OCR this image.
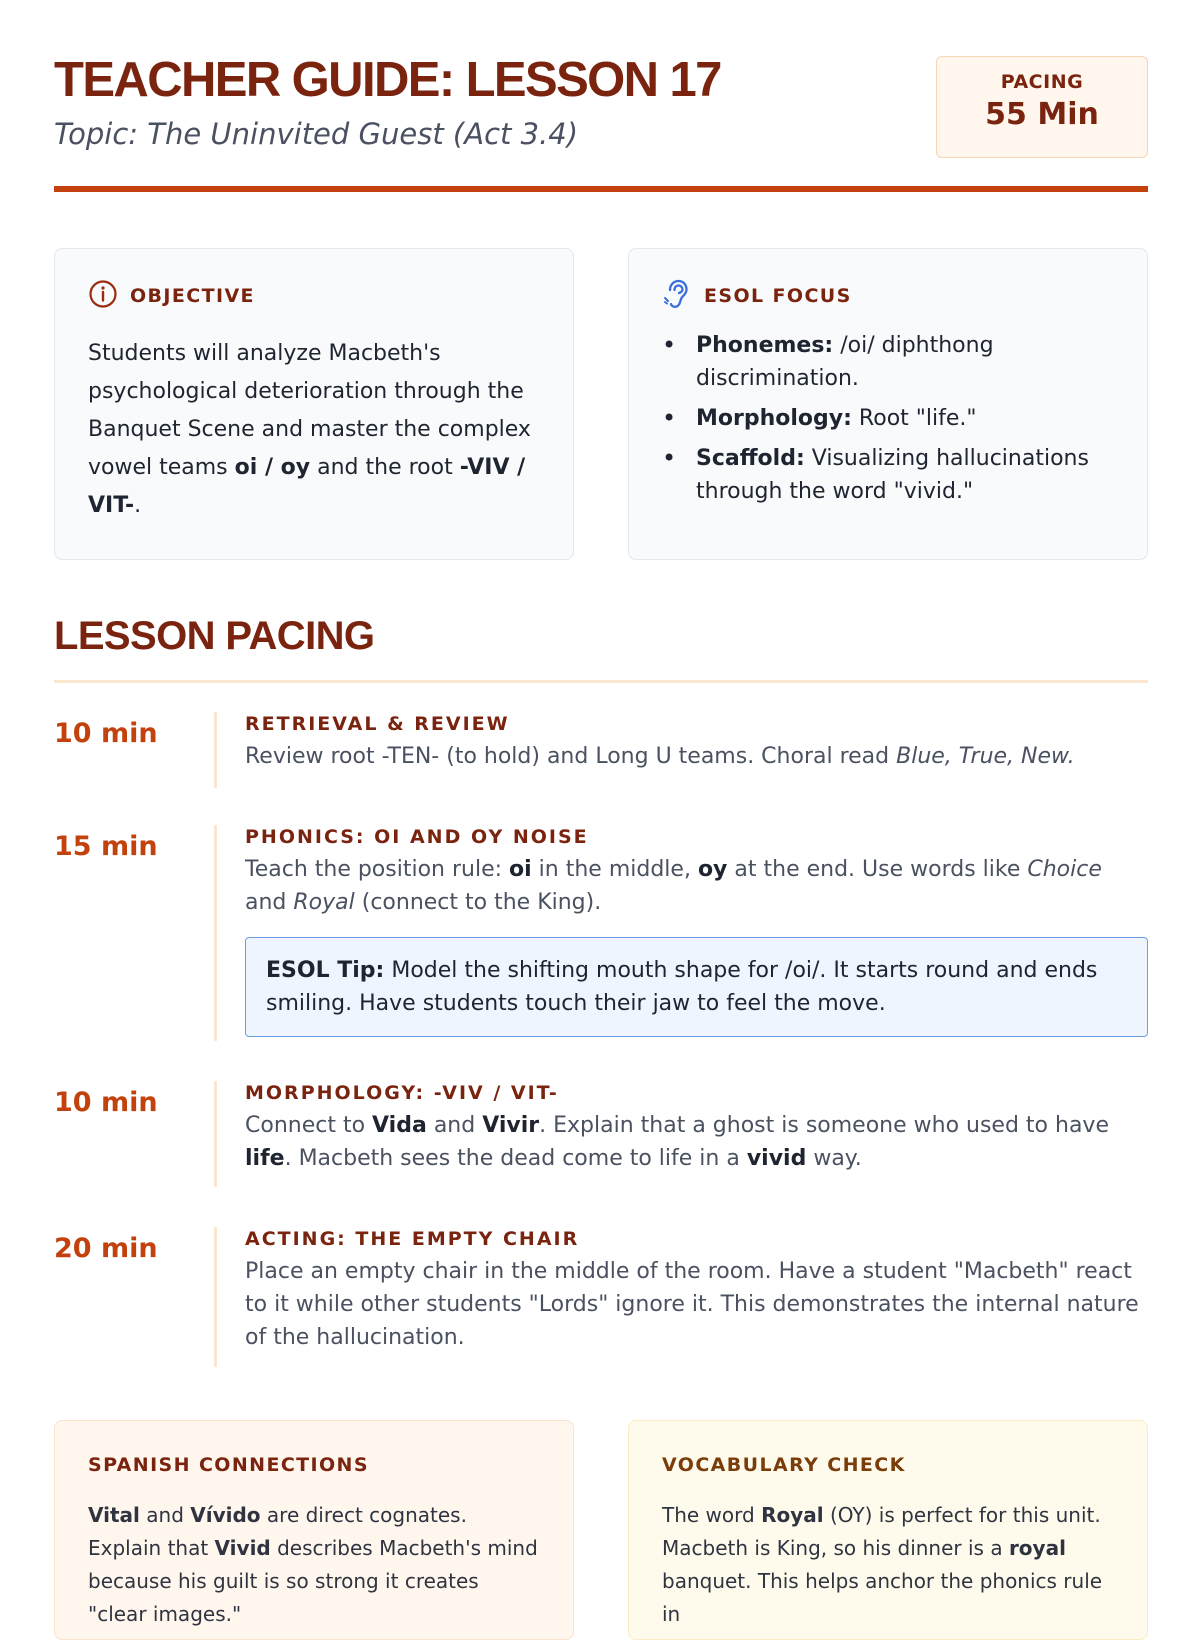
TEACHER GUIDE: LESSON 17

Topic: The Uninvited Guest (Act 3.4)

PACING
55 Min
OBJECTIVE
Students will analyze Macbeth's psychological deterioration through the Banquet Scene and master the complex vowel teams oi / oy and the root -VIV / VIT-.
ESOL FOCUS
• Phonemes: /oi/ diphthong discrimination.
• Morphology: Root "life."
• Scaffold: Visualizing hallucinations through the word "vivid."
LESSON PACING
10 min	RETRIEVAL & REVIEW
Review root -TEN- (to hold) and Long U teams. Choral read Blue, True, New.
15 min	PHONICS: OI AND OY NOISE
Teach the position rule: oi in the middle, oy at the end. Use words like Choice and Royal (connect to the King).
ESOL Tip: Model the shifting mouth shape for /oi/. It starts round and ends smiling. Have students touch their jaw to feel the move.
10 min	MORPHOLOGY: -VIV / VIT-
Connect to Vida and Vivir. Explain that a ghost is someone who used to have life. Macbeth sees the dead come to life in a vivid way.
20 min	ACTING: THE EMPTY CHAIR
Place an empty chair in the middle of the room. Have a student "Macbeth" react to it while other students "Lords" ignore it. This demonstrates the internal nature of the hallucination.
SPANISH CONNECTIONS
Vital and Vívido are direct cognates. Explain that Vivid describes Macbeth's mind because his guilt is so strong it creates "clear images."
VOCABULARY CHECK
The word Royal (OY) is perfect for this unit. Macbeth is King, so his dinner is a royal banquet. This helps anchor the phonics rule in
